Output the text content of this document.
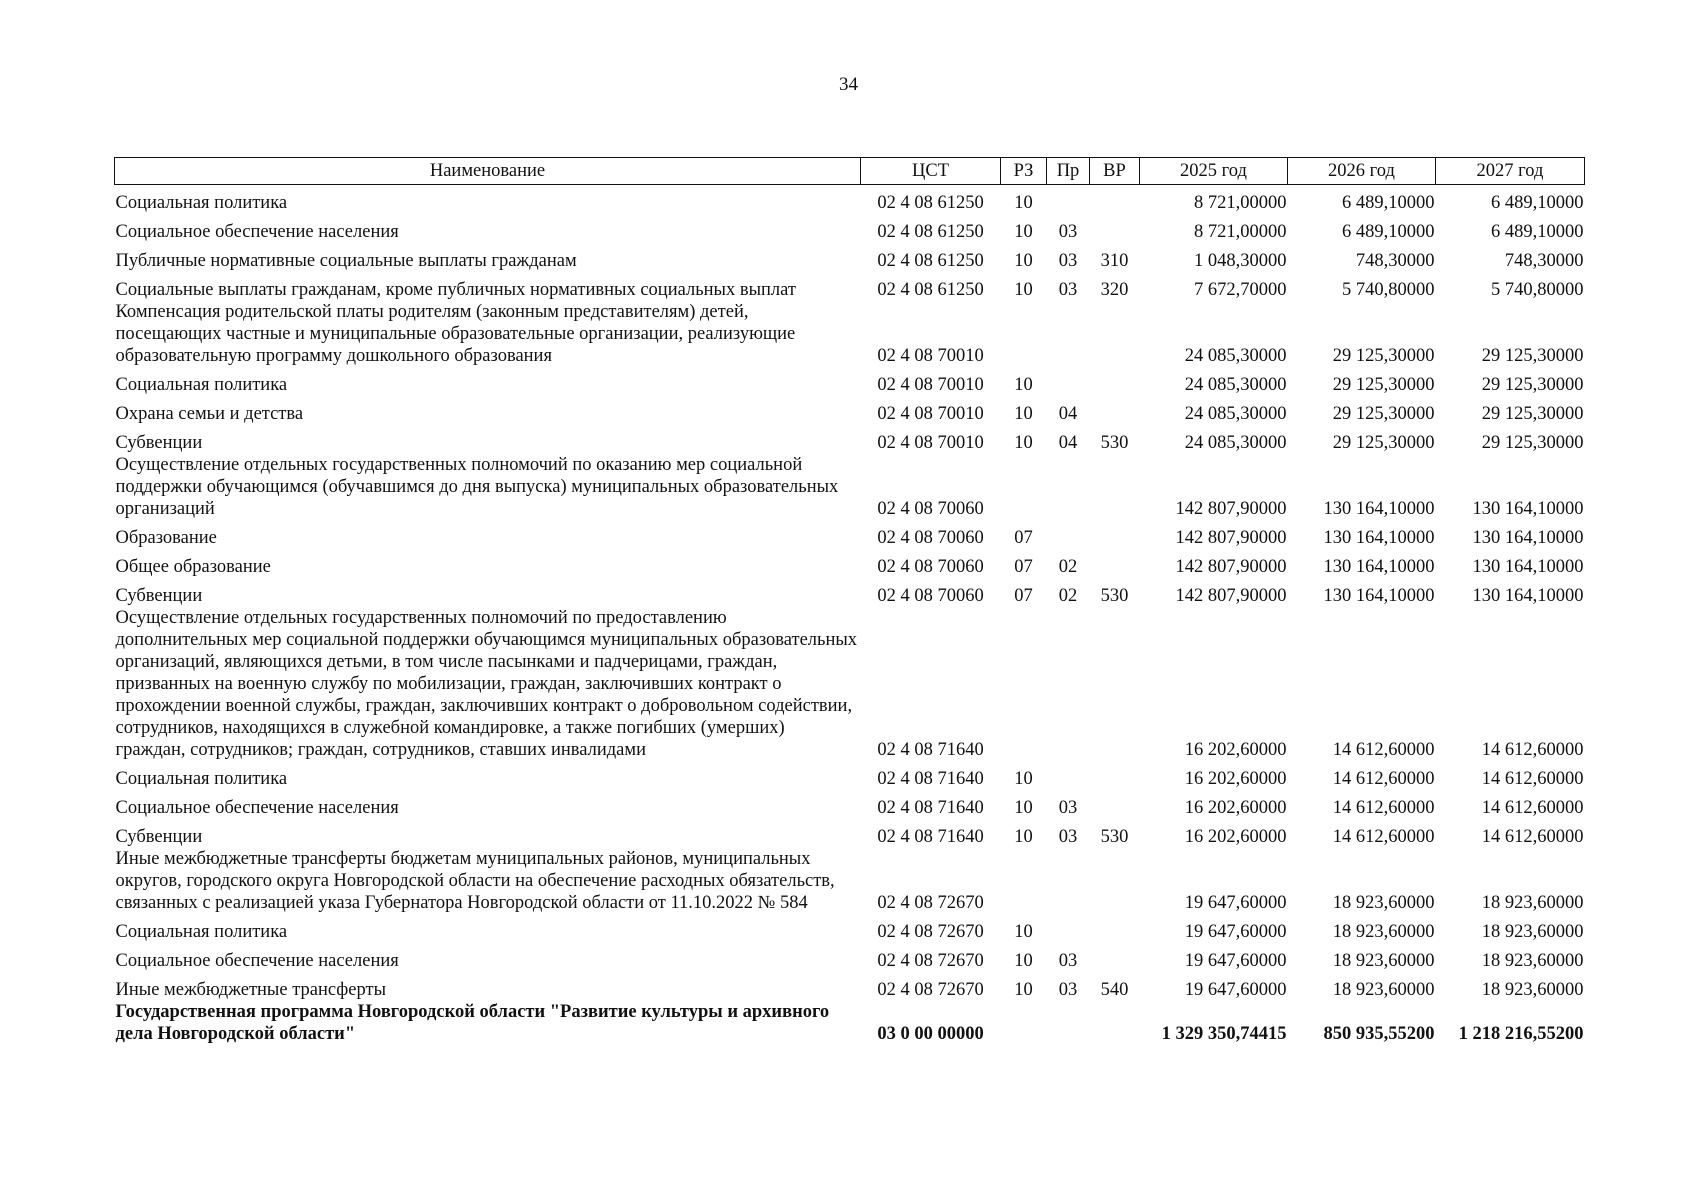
34
Наименование	ЦСТ	РЗ	Пр	ВР	2025 год	2026 год	2027 год
Социальная политика	02 4 08 61250	10			8 721,00000	6 489,10000	6 489,10000
Социальное обеспечение населения	02 4 08 61250	10	03		8 721,00000	6 489,10000	6 489,10000
Публичные нормативные социальные выплаты гражданам	02 4 08 61250	10	03	310	1 048,30000	748,30000	748,30000
Социальные выплаты гражданам, кроме публичных нормативных социальных выплат	02 4 08 61250	10	03	320	7 672,70000	5 740,80000	5 740,80000
Компенсация родительской платы родителям (законным представителям) детей, посещающих частные и муниципальные образовательные организации, реализующие образовательную программу дошкольного образования	02 4 08 70010				24 085,30000	29 125,30000	29 125,30000
Социальная политика	02 4 08 70010	10			24 085,30000	29 125,30000	29 125,30000
Охрана семьи и детства	02 4 08 70010	10	04		24 085,30000	29 125,30000	29 125,30000
Субвенции	02 4 08 70010	10	04	530	24 085,30000	29 125,30000	29 125,30000
Осуществление отдельных государственных полномочий по оказанию мер социальной поддержки обучающимся (обучавшимся до дня выпуска) муниципальных образовательных организаций	02 4 08 70060				142 807,90000	130 164,10000	130 164,10000
Образование	02 4 08 70060	07			142 807,90000	130 164,10000	130 164,10000
Общее образование	02 4 08 70060	07	02		142 807,90000	130 164,10000	130 164,10000
Субвенции	02 4 08 70060	07	02	530	142 807,90000	130 164,10000	130 164,10000
Осуществление отдельных государственных полномочий по предоставлению дополнительных мер социальной поддержки обучающимся муниципальных образовательных организаций, являющихся детьми, в том числе пасынками и падчерицами, граждан, призванных на военную службу по мобилизации, граждан, заключивших контракт о прохождении военной службы, граждан, заключивших контракт о добровольном содействии, сотрудников, находящихся в служебной командировке, а также погибших (умерших) граждан, сотрудников; граждан, сотрудников, ставших инвалидами	02 4 08 71640				16 202,60000	14 612,60000	14 612,60000
Социальная политика	02 4 08 71640	10			16 202,60000	14 612,60000	14 612,60000
Социальное обеспечение населения	02 4 08 71640	10	03		16 202,60000	14 612,60000	14 612,60000
Субвенции	02 4 08 71640	10	03	530	16 202,60000	14 612,60000	14 612,60000
Иные межбюджетные трансферты бюджетам муниципальных районов, муниципальных округов, городского округа Новгородской области на обеспечение расходных обязательств, связанных с реализацией указа Губернатора Новгородской области от 11.10.2022 № 584	02 4 08 72670				19 647,60000	18 923,60000	18 923,60000
Социальная политика	02 4 08 72670	10			19 647,60000	18 923,60000	18 923,60000
Социальное обеспечение населения	02 4 08 72670	10	03		19 647,60000	18 923,60000	18 923,60000
Иные межбюджетные трансферты	02 4 08 72670	10	03	540	19 647,60000	18 923,60000	18 923,60000
Государственная программа Новгородской области "Развитие культуры и архивного дела Новгородской области"	03 0 00 00000				1 329 350,74415	850 935,55200	1 218 216,55200
